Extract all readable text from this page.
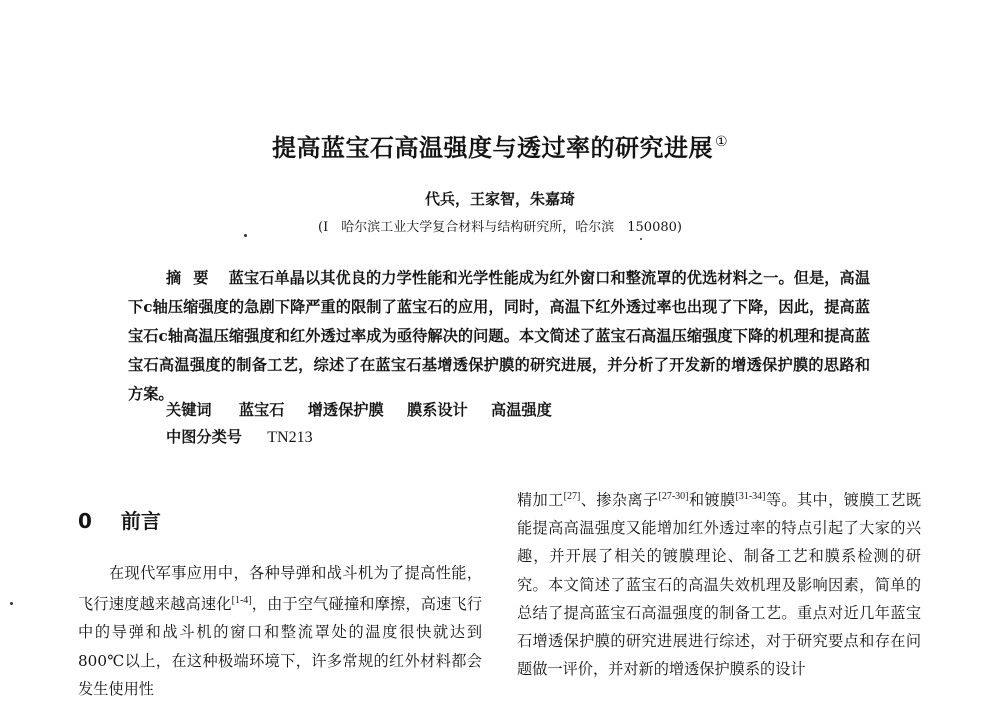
提高蓝宝石高温强度与透过率的研究进展 ①
代兵，王家智，朱嘉琦
(I　哈尔滨工业大学复合材料与结构研究所，哈尔滨　150080)
摘要 蓝宝石单晶以其优良的力学性能和光学性能成为红外窗口和整流罩的优选材料之一。但是，高温下c轴压缩强度的急剧下降严重的限制了蓝宝石的应用，同时，高温下红外透过率也出现了下降，因此，提高蓝宝石c轴高温压缩强度和红外透过率成为亟待解决的问题。本文简述了蓝宝石高温压缩强度下降的机理和提高蓝宝石高温强度的制备工艺，综述了在蓝宝石基增透保护膜的研究进展，并分析了开发新的增透保护膜的思路和方案。
关键词 蓝宝石 增透保护膜 膜系设计 高温强度
中图分类号 TN213
0 前言
在现代军事应用中，各种导弹和战斗机为了提高性能，飞行速度越来越高速化[1-4]，由于空气碰撞和摩擦，高速飞行中的导弹和战斗机的窗口和整流罩处的温度很快就达到 800℃以上，在这种极端环境下，许多常规的红外材料都会发生使用性
精加工[27]、掺杂离子[27-30]和镀膜[31-34]等。其中，镀膜工艺既能提高高温强度又能增加红外透过率的特点引起了大家的兴趣，并开展了相关的镀膜理论、制备工艺和膜系检测的研究。本文简述了蓝宝石的高温失效机理及影响因素，简单的总结了提高蓝宝石高温强度的制备工艺。重点对近几年蓝宝石增透保护膜的研究进展进行综述，对于研究要点和存在问题做一评价，并对新的增透保护膜系的设计
